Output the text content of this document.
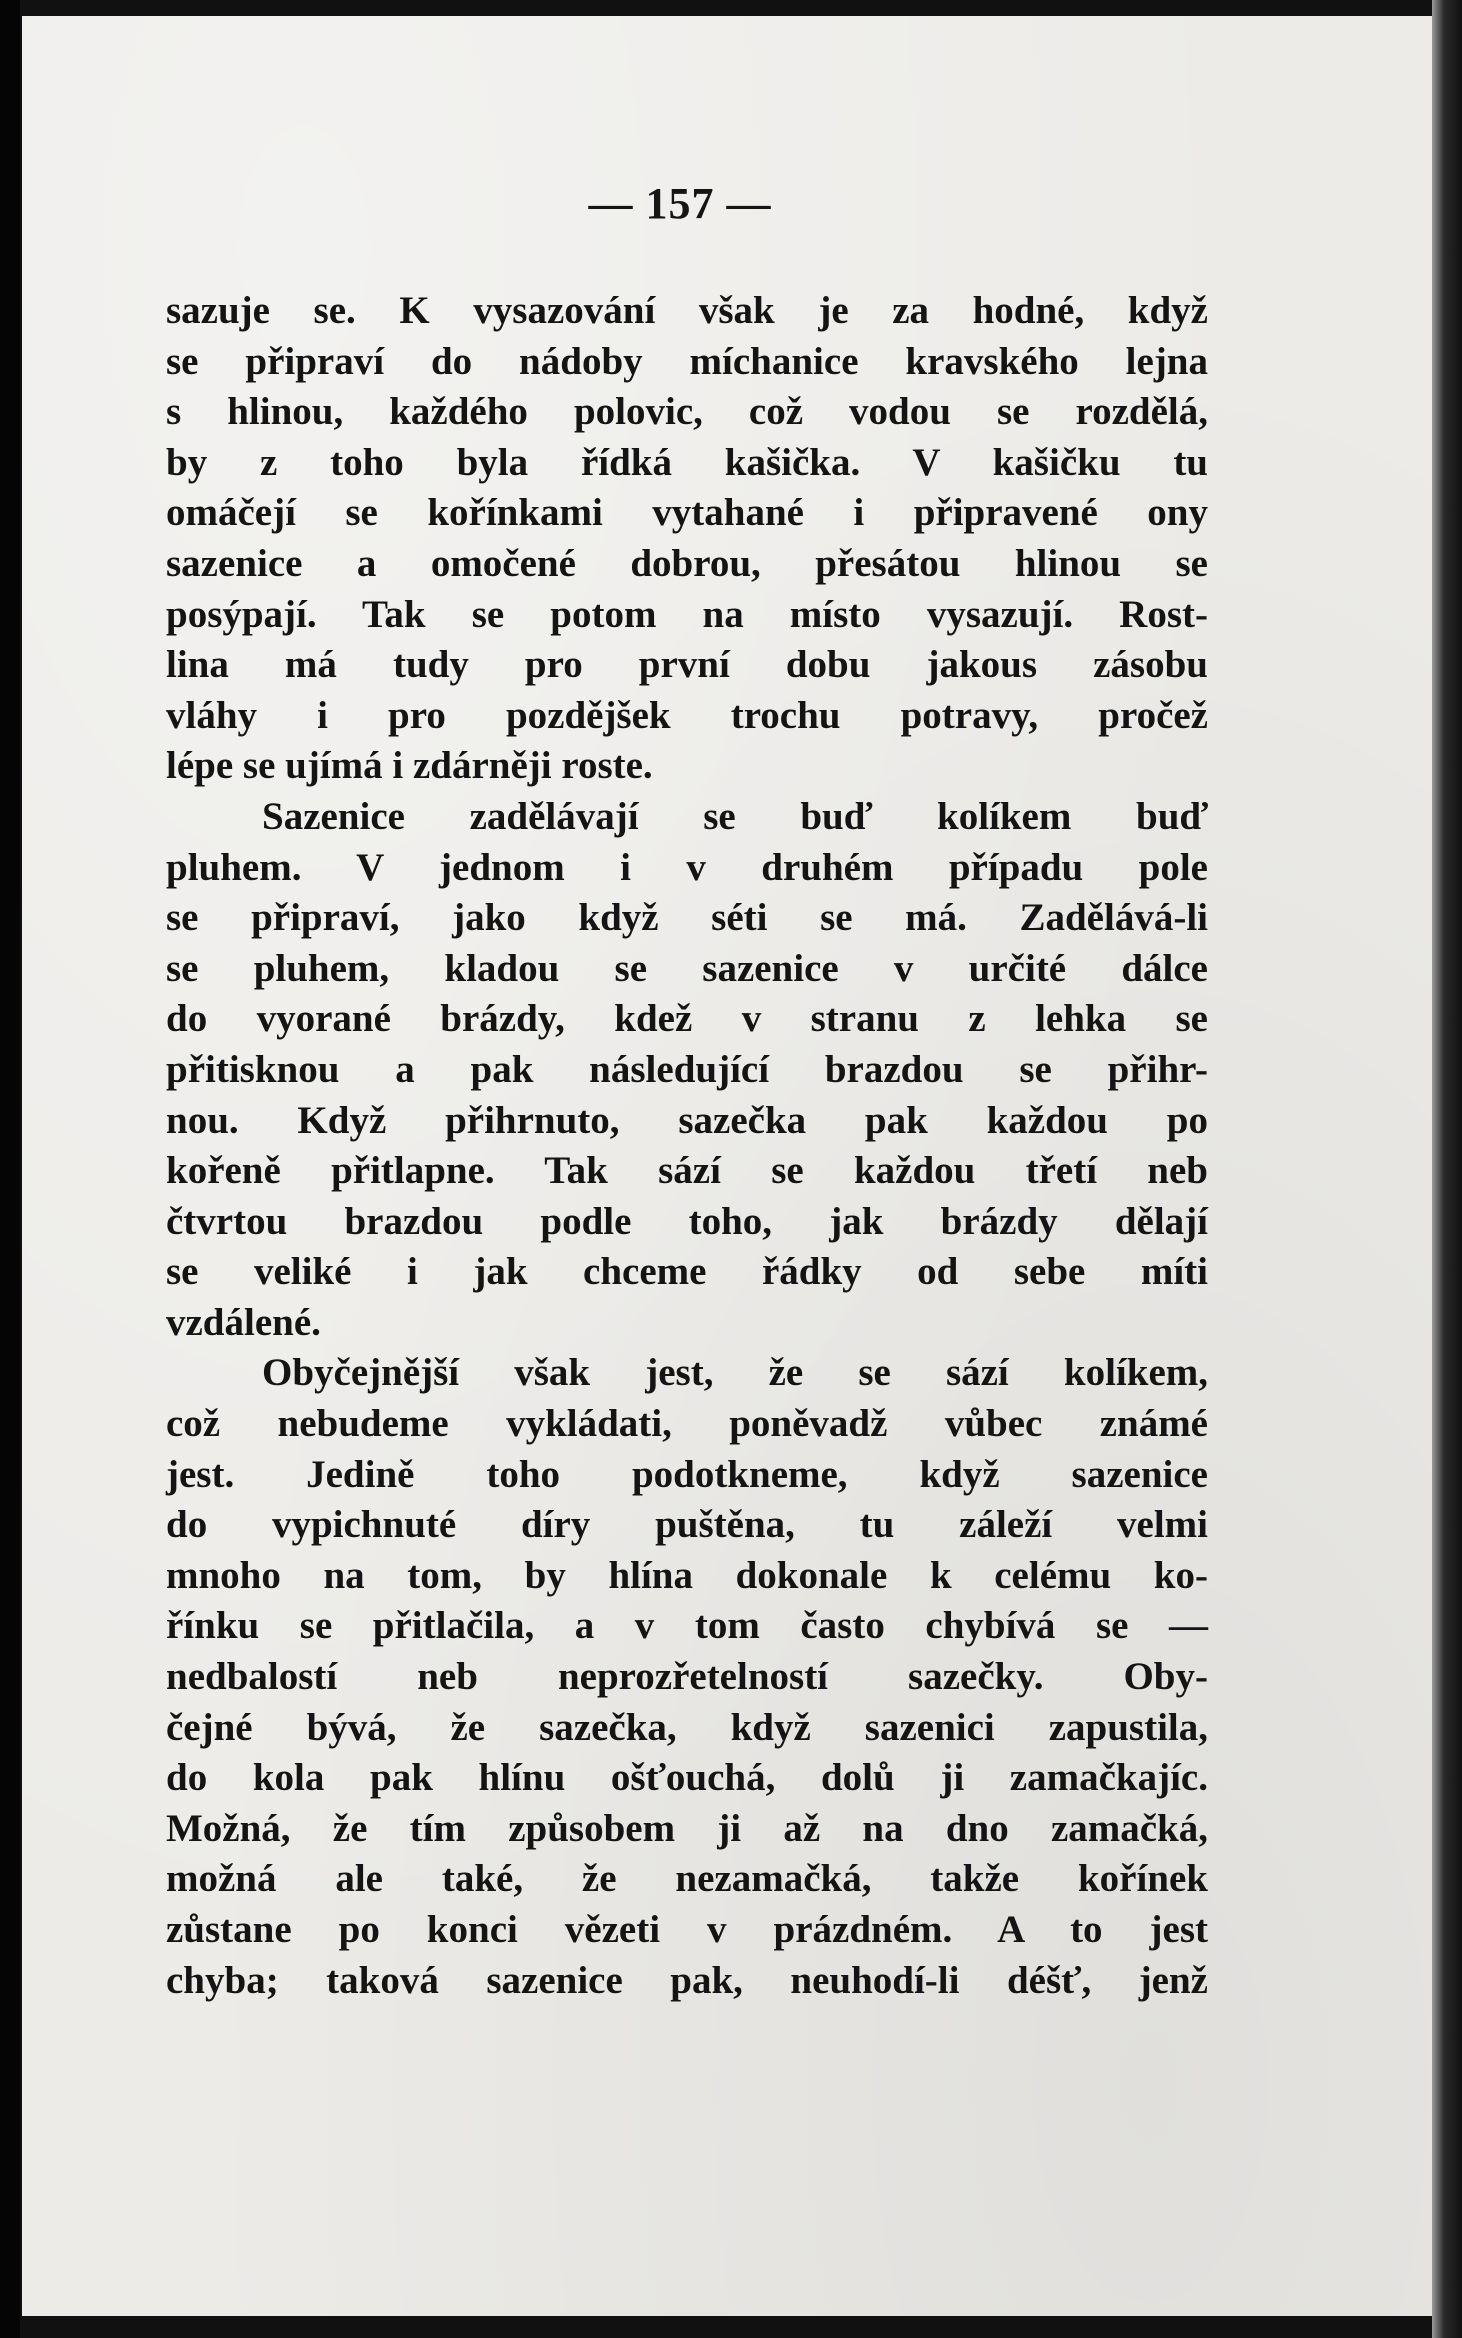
— 157 —
sazuje se. K vysazování však je za hodné, když
se připraví do nádoby míchanice kravského lejna
s hlinou, každého polovic, což vodou se rozdělá,
by z toho byla řídká kašička. V kašičku tu
omáčejí se kořínkami vytahané i připravené ony
sazenice a omočené dobrou, přesátou hlinou se
posýpají. Tak se potom na místo vysazují. Rost-
lina má tudy pro první dobu jakous zásobu
vláhy i pro pozdějšek trochu potravy, pročež
lépe se ujímá i zdárněji roste.
Sazenice zadělávají se buď kolíkem buď
pluhem. V jednom i v druhém případu pole
se připraví, jako když séti se má. Zadělává-li
se pluhem, kladou se sazenice v určité dálce
do vyorané brázdy, kdež v stranu z lehka se
přitisknou a pak následující brazdou se přihr-
nou. Když přihrnuto, sazečka pak každou po
kořeně přitlapne. Tak sází se každou třetí neb
čtvrtou brazdou podle toho, jak brázdy dělají
se veliké i jak chceme řádky od sebe míti
vzdálené.
Obyčejnější však jest, že se sází kolíkem,
což nebudeme vykládati, poněvadž vůbec známé
jest. Jedině toho podotkneme, když sazenice
do vypichnuté díry puštěna, tu záleží velmi
mnoho na tom, by hlína dokonale k celému ko-
řínku se přitlačila, a v tom často chybívá se —
nedbalostí neb neprozřetelností sazečky. Oby-
čejné bývá, že sazečka, když sazenici zapustila,
do kola pak hlínu ošťouchá, dolů ji zamačkajíc.
Možná, že tím způsobem ji až na dno zamačká,
možná ale také, že nezamačká, takže kořínek
zůstane po konci vězeti v prázdném. A to jest
chyba; taková sazenice pak, neuhodí-li déšť, jenž
